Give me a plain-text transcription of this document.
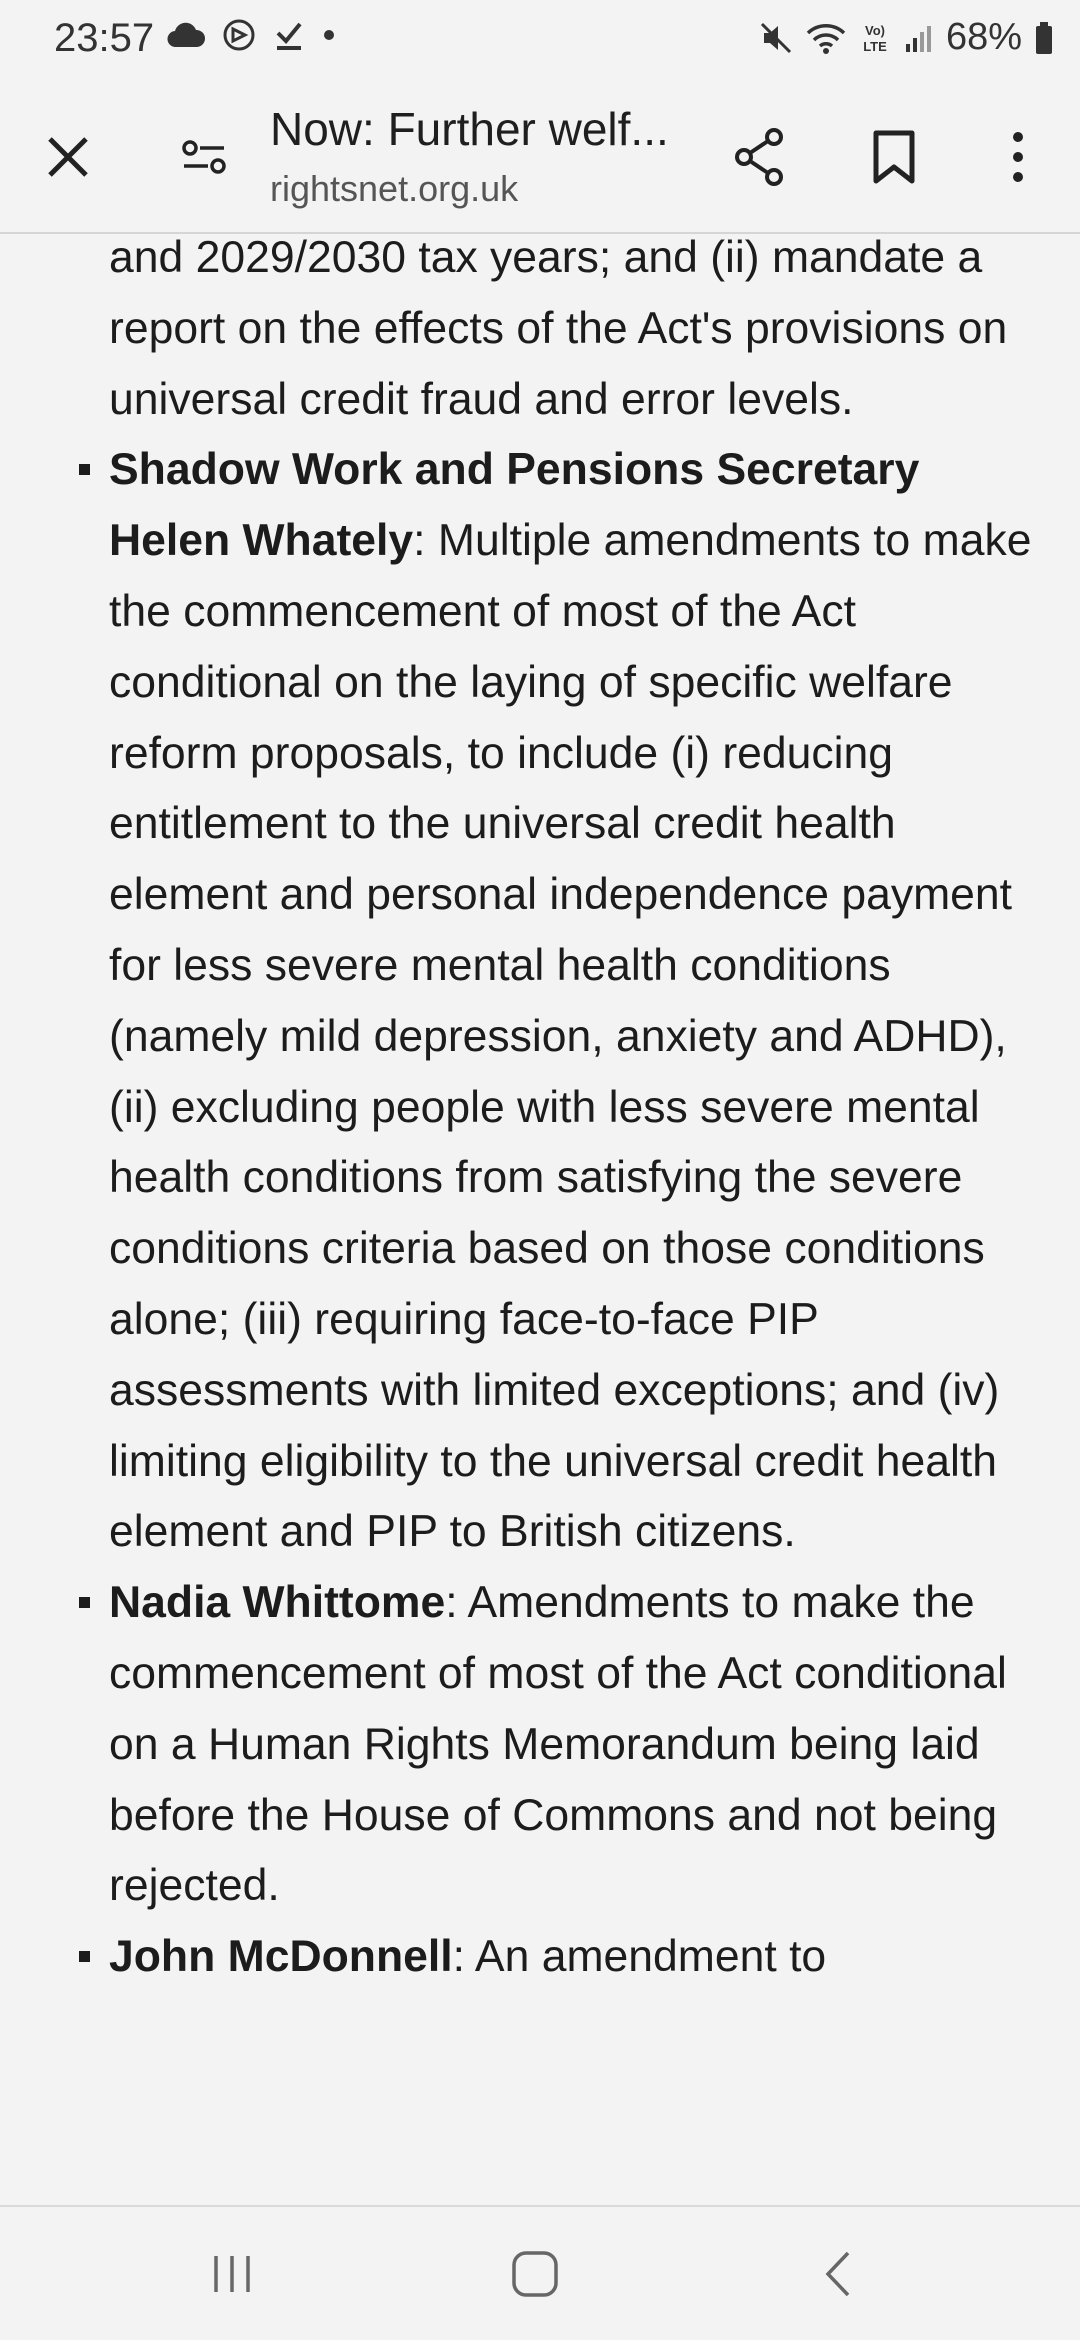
23:57	Vo)
LTE 68%
Now: Further welf...
rightsnet.org.uk
and 2029/2030 tax years; and (ii) mandate a report on the effects of the Act's provisions on universal credit fraud and error levels.
Shadow Work and Pensions Secretary Helen Whately: Multiple amendments to make the commencement of most of the Act conditional on the laying of specific welfare reform proposals, to include (i) reducing entitlement to the universal credit health element and personal independence payment for less severe mental health conditions (namely mild depression, anxiety and ADHD), (ii) excluding people with less severe mental health conditions from satisfying the severe conditions criteria based on those conditions alone; (iii) requiring face-to-face PIP assessments with limited exceptions; and (iv) limiting eligibility to the universal credit health element and PIP to British citizens.
Nadia Whittome: Amendments to make the commencement of most of the Act conditional on a Human Rights Memorandum being laid before the House of Commons and not being rejected.
John McDonnell: An amendment to
